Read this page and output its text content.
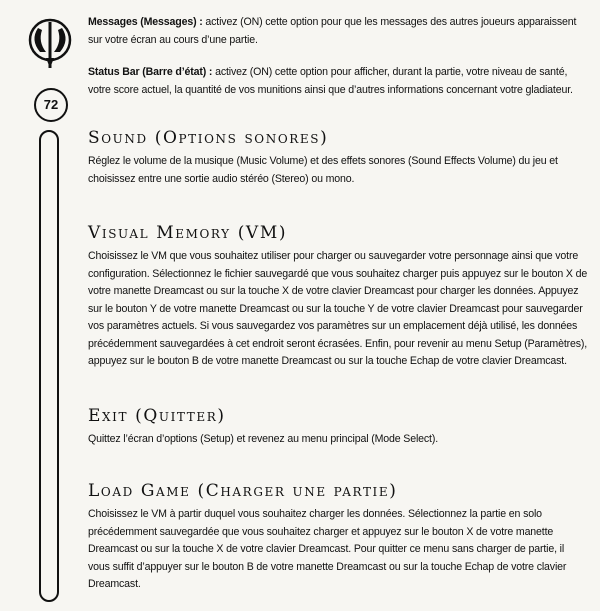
72

Messages (Messages) : activez (ON) cette option pour que les messages des autres joueurs apparaissent sur votre écran au cours d’une partie.

Status Bar (Barre d’état) : activez (ON) cette option pour afficher, durant la partie, votre niveau de santé, votre score actuel, la quantité de vos munitions ainsi que d’autres informations concernant votre gladiateur.

Sound (Options sonores)

Réglez le volume de la musique (Music Volume) et des effets sonores (Sound Effects Volume) du jeu et choisissez entre une sortie audio stéréo (Stereo) ou mono.

Visual Memory (VM)

Choisissez le VM que vous souhaitez utiliser pour charger ou sauvegarder votre personnage ainsi que votre configuration. Sélectionnez le fichier sauvegardé que vous souhaitez charger puis appuyez sur le bouton X de votre manette Dreamcast ou sur la touche X de votre clavier Dreamcast pour charger les données. Appuyez sur le bouton Y de votre manette Dreamcast ou sur la touche Y de votre clavier Dreamcast pour sauvegarder vos paramètres actuels. Si vous sauvegardez vos paramètres sur un emplacement déjà utilisé, les données précédemment sauvegardées à cet endroit seront écrasées. Enfin, pour revenir au menu Setup (Paramètres), appuyez sur le bouton B de votre manette Dreamcast ou sur la touche Echap de votre clavier Dreamcast.

Exit (Quitter)

Quittez l’écran d’options (Setup) et revenez au menu principal (Mode Select).

Load Game (Charger une partie)

Choisissez le VM à partir duquel vous souhaitez charger les données. Sélectionnez la partie en solo précédemment sauvegardée que vous souhaitez charger et appuyez sur le bouton X de votre manette Dreamcast ou sur la touche X de votre clavier Dreamcast. Pour quitter ce menu sans charger de partie, il vous suffit d’appuyer sur le bouton B de votre manette Dreamcast ou sur la touche Echap de votre clavier Dreamcast.
